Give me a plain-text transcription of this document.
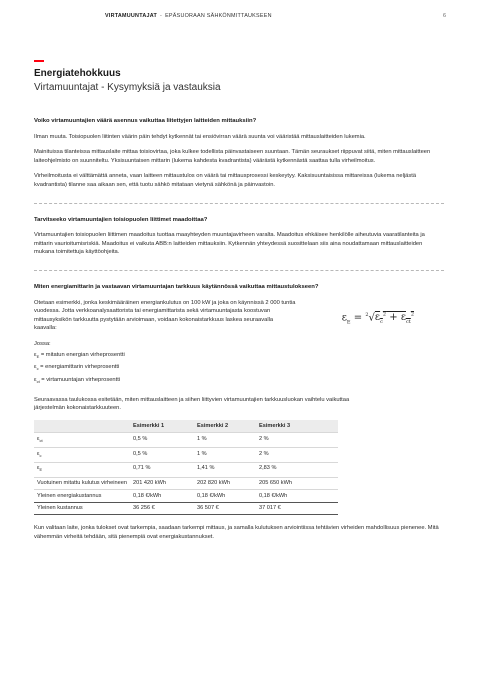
VIRTAMUUNTAJAT - EPÄSUORAAN SÄHKÖNMITTAUKSEEN	6
Energiatehokkuus
Virtamuuntajat - Kysymyksiä ja vastauksia
Voiko virtamuuntajien väärä asennus vaikuttaa liitettyjen laitteiden mittauksiin?
Ilman muuta. Toisiopuolen liitinten väärin päin tehdyt kytkennät tai ensiövirran väärä suunta voi vääristää mittauslaitteiden lukemia.
Mainituissa tilanteissa mittauslaite mittaa toisiovirtaa, joka kulkee todellista päinvastaiseen suuntaan. Tämän seuraukset riippuvat siitä, miten mittauslaitteen laiteohjelmisto on suunniteltu. Yksisuuntaisen mittarin (lukema kahdesta kvadrantista) väärästä kytkennästä saattaa tulla virheilmoitus.
Virheilmoitusta ei välttämättä anneta, vaan laitteen mittaustulos on väärä tai mittausprosessi keskeytyy. Kaksisuuntaisissa mittareissa (lukema neljästä kvadrantista) tilanne saa aikaan sen, että tuotu sähkö mitataan vietynä sähkönä ja päinvastoin.
Tarvitseeko virtamuuntajien toisiopuolen liittimet maadoittaa?
Virtamuuntajien toisiopuolen liittimen maadoitus tuottaa maayhteyden muuntajavirheen varalta. Maadoitus ehkäisee henkilölle aiheutuvia vaaratilanteita ja mittarin vaurioitumisriskiä. Maadoitus ei vaikuta ABB:n laitteiden mittauksiin. Kytkennän yhteydessä suosittelaan siis aina noudattamaan mittauslaitteiden mukana toimitettuja käyttöohjeita.
Miten energiamittarin ja vastaavan virtamuuntajan tarkkuus käytännössä vaikuttaa mittaustulokseen?
Otetaan esimerkki, jonka keskimääräinen energiankulutus on 100 kW ja joka on käynnissä 2 000 tuntia vuodessa. Jotta verkkoanalysaattorista tai energiamittarista sekä virtamuuntajasta koostuvan mittausyksikön tarkkuutta pystytään arvioimaan, voidaan kokonaistarkkuus laskea seuraavalla kaavalla:
$\varepsilon_E = ^2√\varepsilon_c^2 + \varepsilon_{ct}^2$
Jossa:
$\varepsilon_E$ = mitatun energian virheprosentti
$\varepsilon_c$ = energiamittarin virheprosentti
$\varepsilon_{ct}$ = virtamuuntajan virheprosentti
Seuraavassa taulukossa esitetään, miten mittauslaitteen ja siihen liittyvien virtamuuntajien tarkkuusluokan vaihtelu vaikuttaa järjestelmän kokonaistarkkuuteen.
	Esimerkki 1	Esimerkki 2	Esimerkki 3
$\varepsilon_{ct}$	0,5 %	1 %	2 %
$\varepsilon_c$	0,5 %	1 %	2 %
$\varepsilon_E$	0,71 %	1,41 %	2,83 %
Vuotuinen mitattu kulutus virheineen	201 420 kWh	202 820 kWh	205 650 kWh
Yleinen energiakustannus	0,18 €/kWh	0,18 €/kWh	0,18 €/kWh
Yleinen kustannus	36 256 €	36 507 €	37 017 €
Kun valitaan laite, jonka tulokset ovat tarkempia, saadaan tarkempi mittaus, ja samalla kulutuksen arviointiissa tehtävien virheiden mahdollisuus pienenee. Mitä vähemmän virheitä tehdään, sitä pienempiä ovat energiakustannukset.
